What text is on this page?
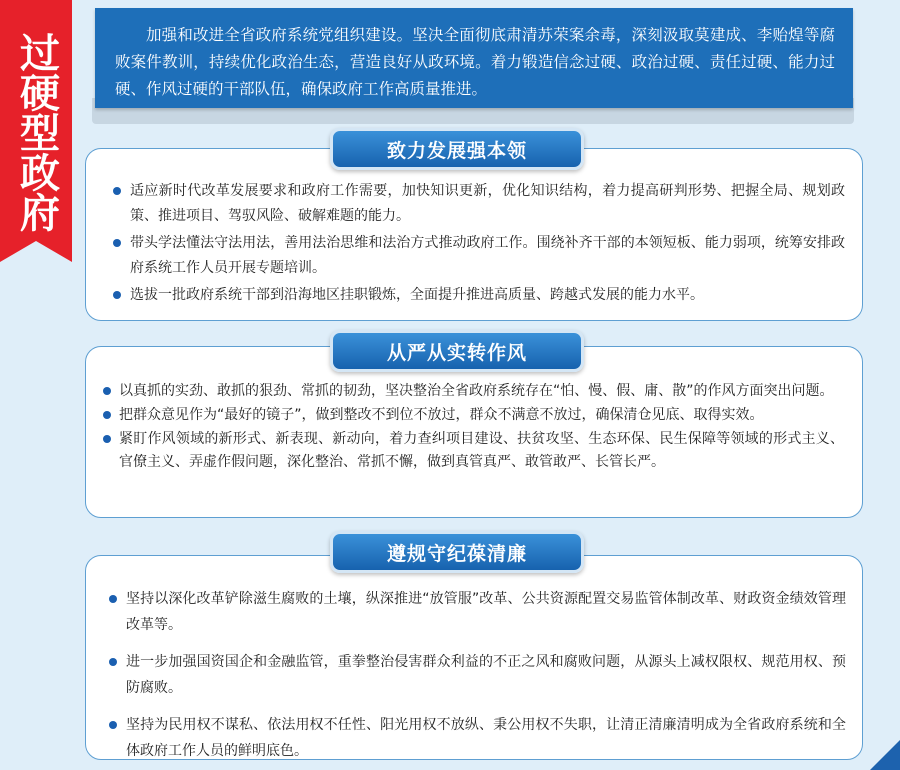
过硬型政府	加强和改进全省政府系统党组织建设。坚决全面彻底肃清苏荣案余毒，深刻汲取莫建成、李贻煌等腐败案件教训，持续优化政治生态，营造良好从政环境。着力锻造信念过硬、政治过硬、责任过硬、能力过硬、作风过硬的干部队伍，确保政府工作高质量推进。

适应新时代改革发展要求和政府工作需要，加快知识更新，优化知识结构，着力提高研判形势、把握全局、规划政策、推进项目、驾驭风险、破解难题的能力。
带头学法懂法守法用法，善用法治思维和法治方式推动政府工作。围绕补齐干部的本领短板、能力弱项，统筹安排政府系统工作人员开展专题培训。
选拔一批政府系统干部到沿海地区挂职锻炼，全面提升推进高质量、跨越式发展的能力水平。
致力发展强本领
以真抓的实劲、敢抓的狠劲、常抓的韧劲，坚决整治全省政府系统存在“怕、慢、假、庸、散”的作风方面突出问题。
把群众意见作为“最好的镜子”，做到整改不到位不放过，群众不满意不放过，确保清仓见底、取得实效。
紧盯作风领域的新形式、新表现、新动向，着力查纠项目建设、扶贫攻坚、生态环保、民生保障等领域的形式主义、官僚主义、弄虚作假问题，深化整治、常抓不懈，做到真管真严、敢管敢严、长管长严。
从严从实转作风
坚持以深化改革铲除滋生腐败的土壤，纵深推进“放管服”改革、公共资源配置交易监管体制改革、财政资金绩效管理改革等。
进一步加强国资国企和金融监管，重拳整治侵害群众利益的不正之风和腐败问题，从源头上减权限权、规范用权、预防腐败。
坚持为民用权不谋私、依法用权不任性、阳光用权不放纵、秉公用权不失职，让清正清廉清明成为全省政府系统和全体政府工作人员的鲜明底色。
遵规守纪葆清廉
